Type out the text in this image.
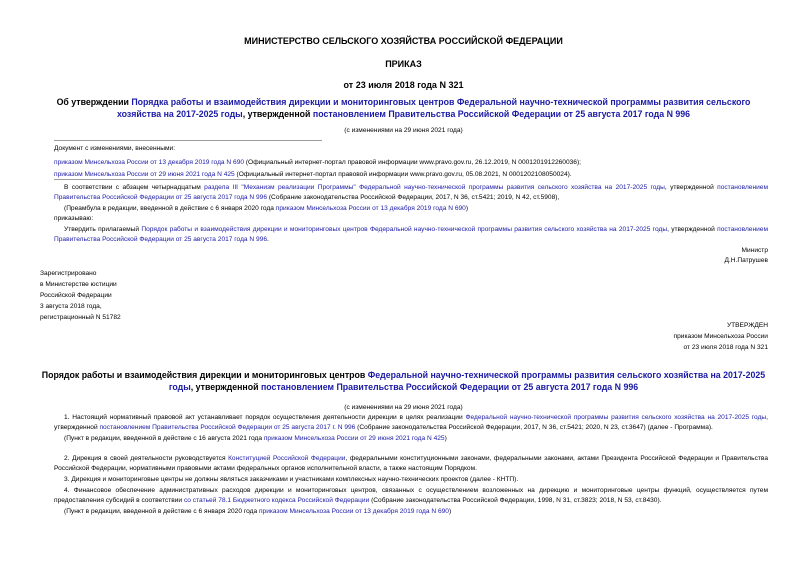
МИНИСТЕРСТВО СЕЛЬСКОГО ХОЗЯЙСТВА РОССИЙСКОЙ ФЕДЕРАЦИИ
ПРИКАЗ
от 23 июля 2018 года N 321
Об утверждении Порядка работы и взаимодействия дирекции и мониторинговых центров Федеральной научно-технической программы развития сельского
хозяйства на 2017-2025 годы, утвержденной постановлением Правительства Российской Федерации от 25 августа 2017 года N 996
(с изменениями на 29 июня 2021 года)

Документ с изменениями, внесенными:

приказом Минсельхоза России от 13 декабря 2019 года N 690 (Официальный интернет-портал правовой информации www.pravo.gov.ru, 26.12.2019, N 0001201912260036);

приказом Минсельхоза России от 29 июня 2021 года N 425 (Официальный интернет-портал правовой информации www.pravo.gov.ru, 05.08.2021, N 0001202108050024).

В соответствии с абзацем четырнадцатым раздела III "Механизм реализации Программы" Федеральной научно-технической программы развития сельского хозяйства на 2017-2025 годы, утвержденной постановлением Правительства Российской Федерации от 25 августа 2017 года N 996 (Собрание законодательства Российской Федерации, 2017, N 36, ст.5421; 2019, N 42, ст.5908),

(Преамбула в редакции, введенной в действие с 6 января 2020 года приказом Минсельхоза России от 13 декабря 2019 года N 690)

приказываю:

Утвердить прилагаемый Порядок работы и взаимодействия дирекции и мониторинговых центров Федеральной научно-технической программы развития сельского хозяйства на 2017-2025 годы, утвержденной постановлением Правительства Российской Федерации от 25 августа 2017 года N 996.

Министр

Д.Н.Патрушев

Зарегистрировано

в Министерстве юстиции

Российской Федерации

3 августа 2018 года,

регистрационный N 51782

УТВЕРЖДЕН

приказом Минсельхоза России

от 23 июля 2018 года N 321

Порядок работы и взаимодействия дирекции и мониторинговых центров Федеральной научно-технической программы развития сельского хозяйства на 2017-2025
годы, утвержденной постановлением Правительства Российской Федерации от 25 августа 2017 года N 996
(с изменениями на 29 июня 2021 года)

1. Настоящий нормативный правовой акт устанавливает порядок осуществления деятельности дирекции в целях реализации Федеральной научно-технической программы развития сельского хозяйства на 2017-2025 годы, утвержденной постановлением Правительства Российской Федерации от 25 августа 2017 г. N 996 (Собрание законодательства Российской Федерации, 2017, N 36, ст.5421; 2020, N 23, ст.3647) (далее - Программа).

(Пункт в редакции, введенной в действие с 16 августа 2021 года приказом Минсельхоза России от 29 июня 2021 года N 425)

2. Дирекция в своей деятельности руководствуется Конституцией Российской Федерации, федеральными конституционными законами, федеральными законами, актами Президента Российской Федерации и Правительства Российской Федерации, нормативными правовыми актами федеральных органов исполнительной власти, а также настоящим Порядком.

3. Дирекция и мониторинговые центры не должны являться заказчиками и участниками комплексных научно-технических проектов (далее - КНТП).

4. Финансовое обеспечение административных расходов дирекции и мониторинговых центров, связанных с осуществлением возложенных на дирекцию и мониторинговые центры функций, осуществляется путем предоставления субсидий в соответствии со статьей 78.1 Бюджетного кодекса Российской Федерации (Собрание законодательства Российской Федерации, 1998, N 31, ст.3823; 2018, N 53, ст.8430).

(Пункт в редакции, введенной в действие с 6 января 2020 года приказом Минсельхоза России от 13 декабря 2019 года N 690)
